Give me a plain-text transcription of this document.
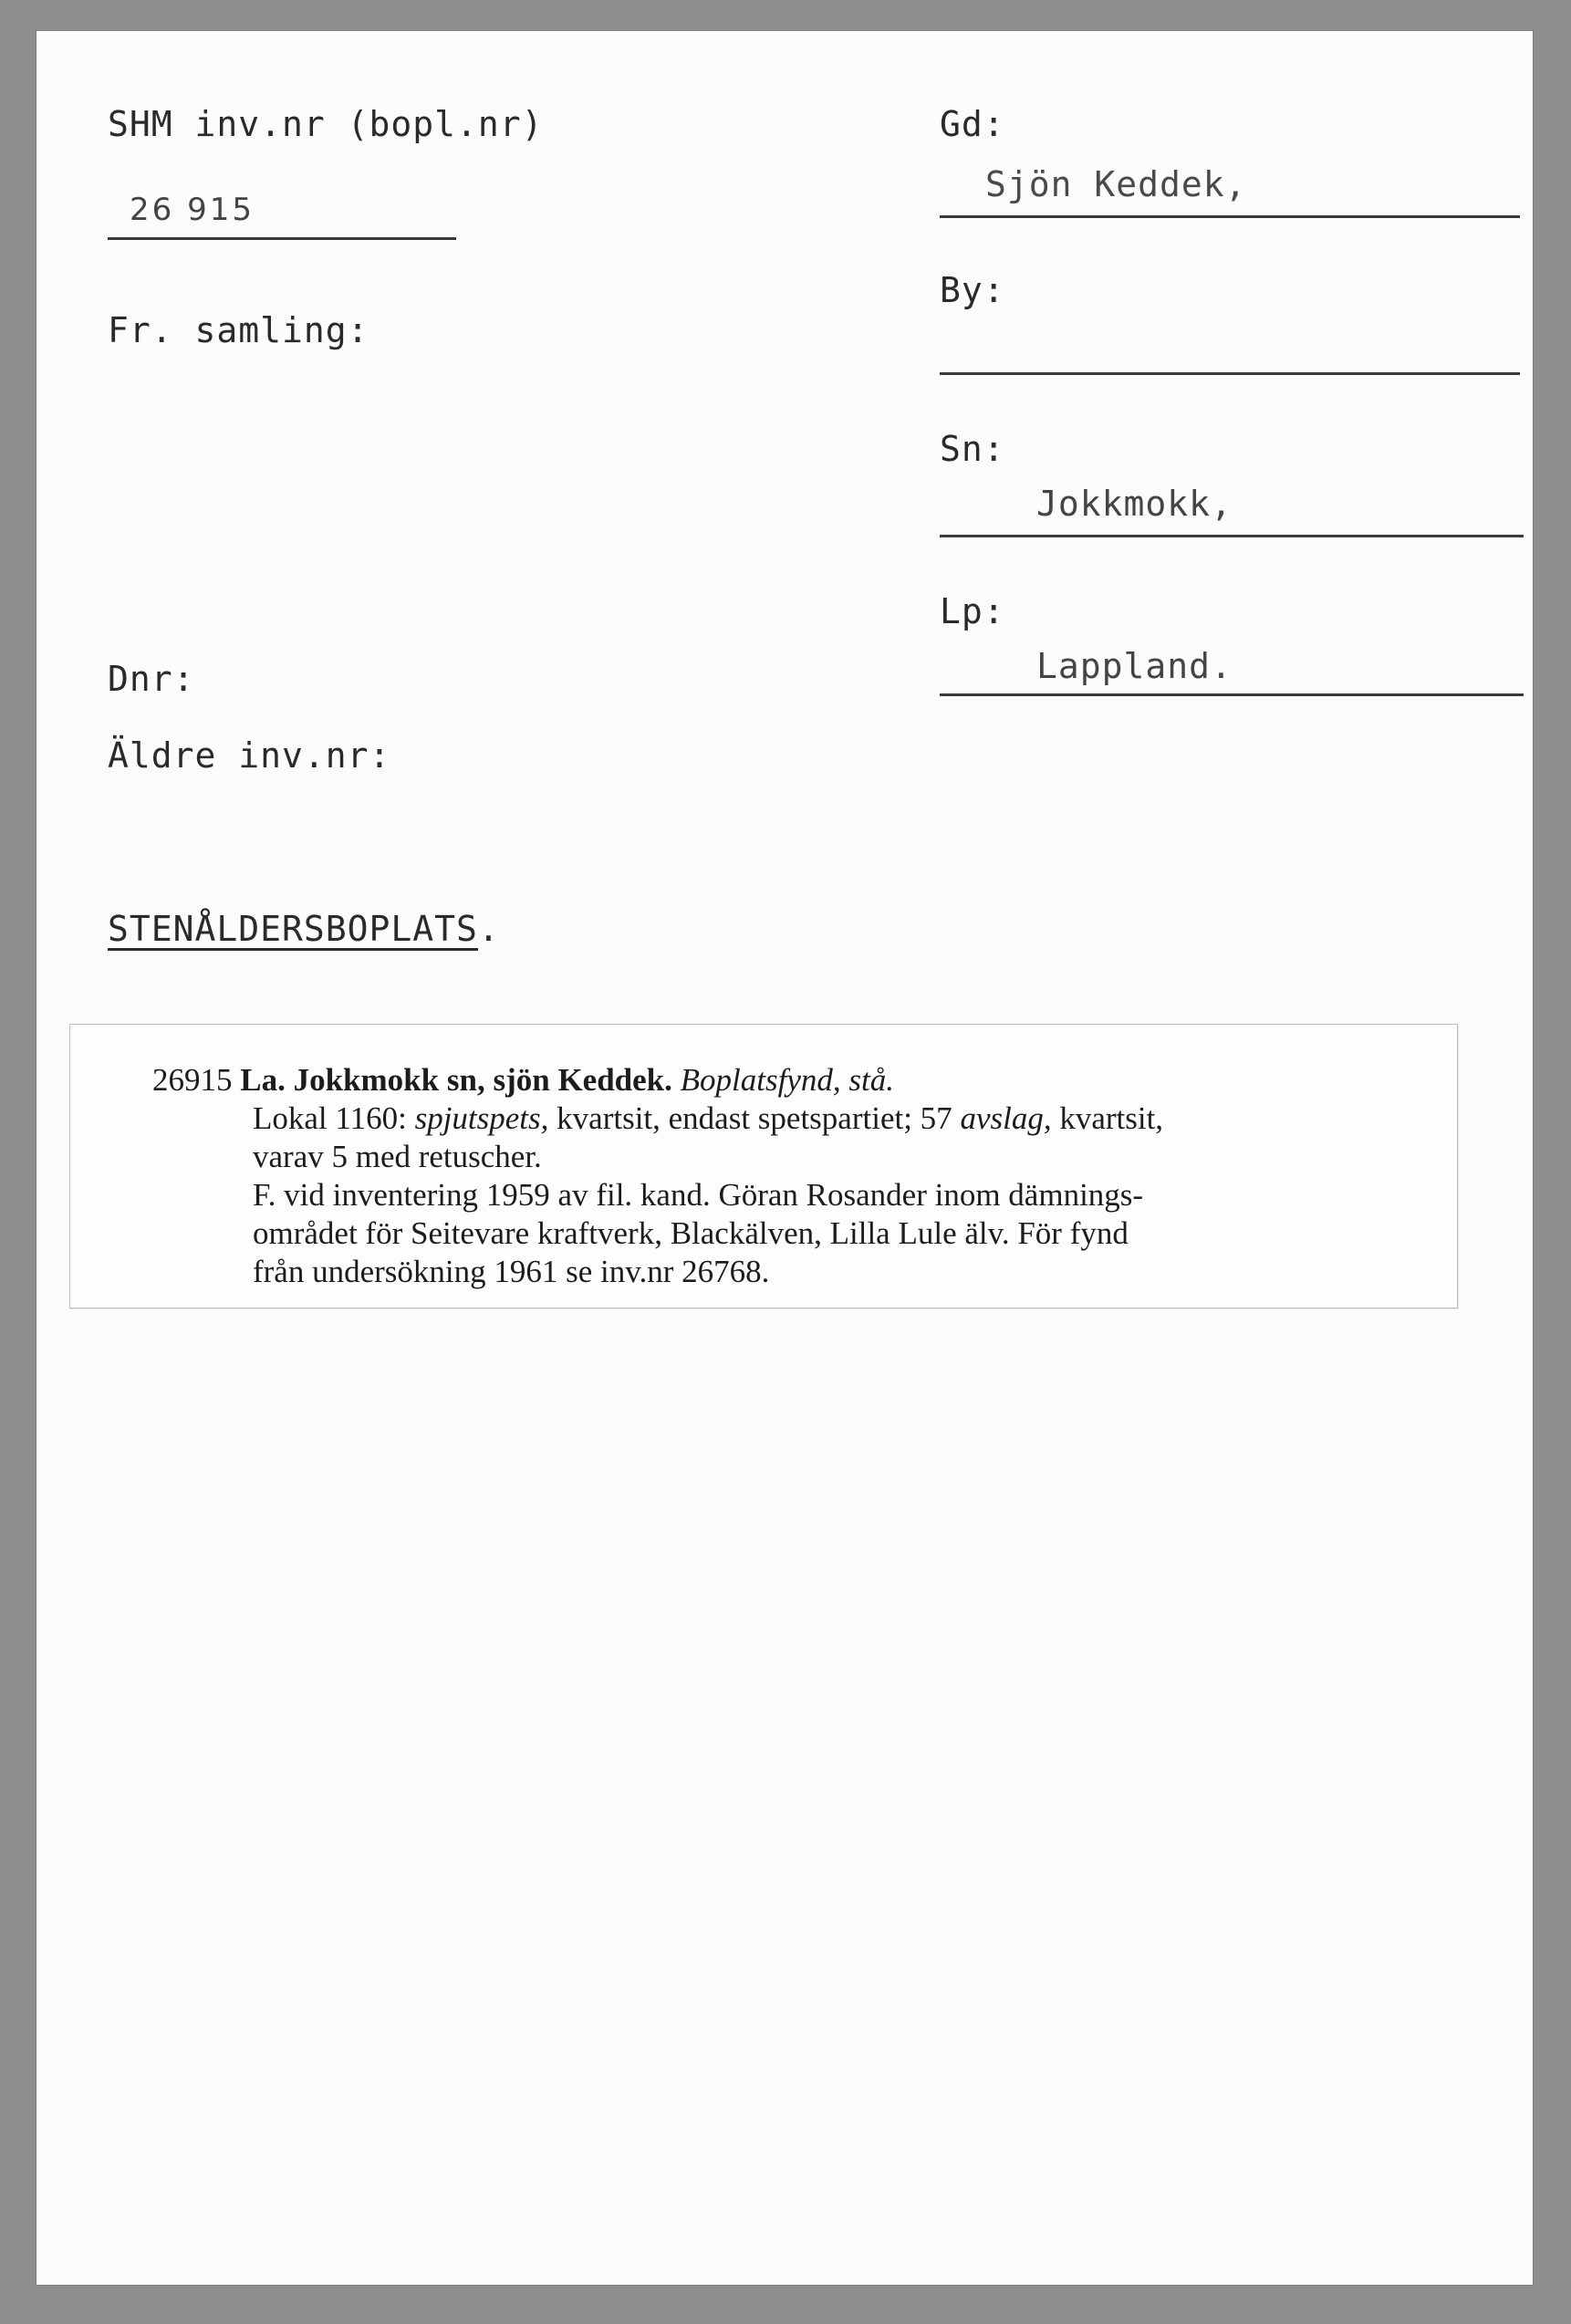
SHM inv.nr (bopl.nr)
26 915
Fr. samling:
Dnr:
Äldre inv.nr:
Gd:
Sjön Keddek,
By:
Sn:
Jokkmokk,
Lp:
Lappland.
STENÅLDERSBOPLATS.
26915 La. Jokkmokk sn, sjön Keddek. Boplatsfynd, stå.
Lokal 1160: spjutspets, kvartsit, endast spetspartiet; 57 avslag, kvartsit,
varav 5 med retuscher.
F. vid inventering 1959 av fil. kand. Göran Rosander inom dämnings-
området för Seitevare kraftverk, Blackälven, Lilla Lule älv. För fynd
från undersökning 1961 se inv.nr 26768.
